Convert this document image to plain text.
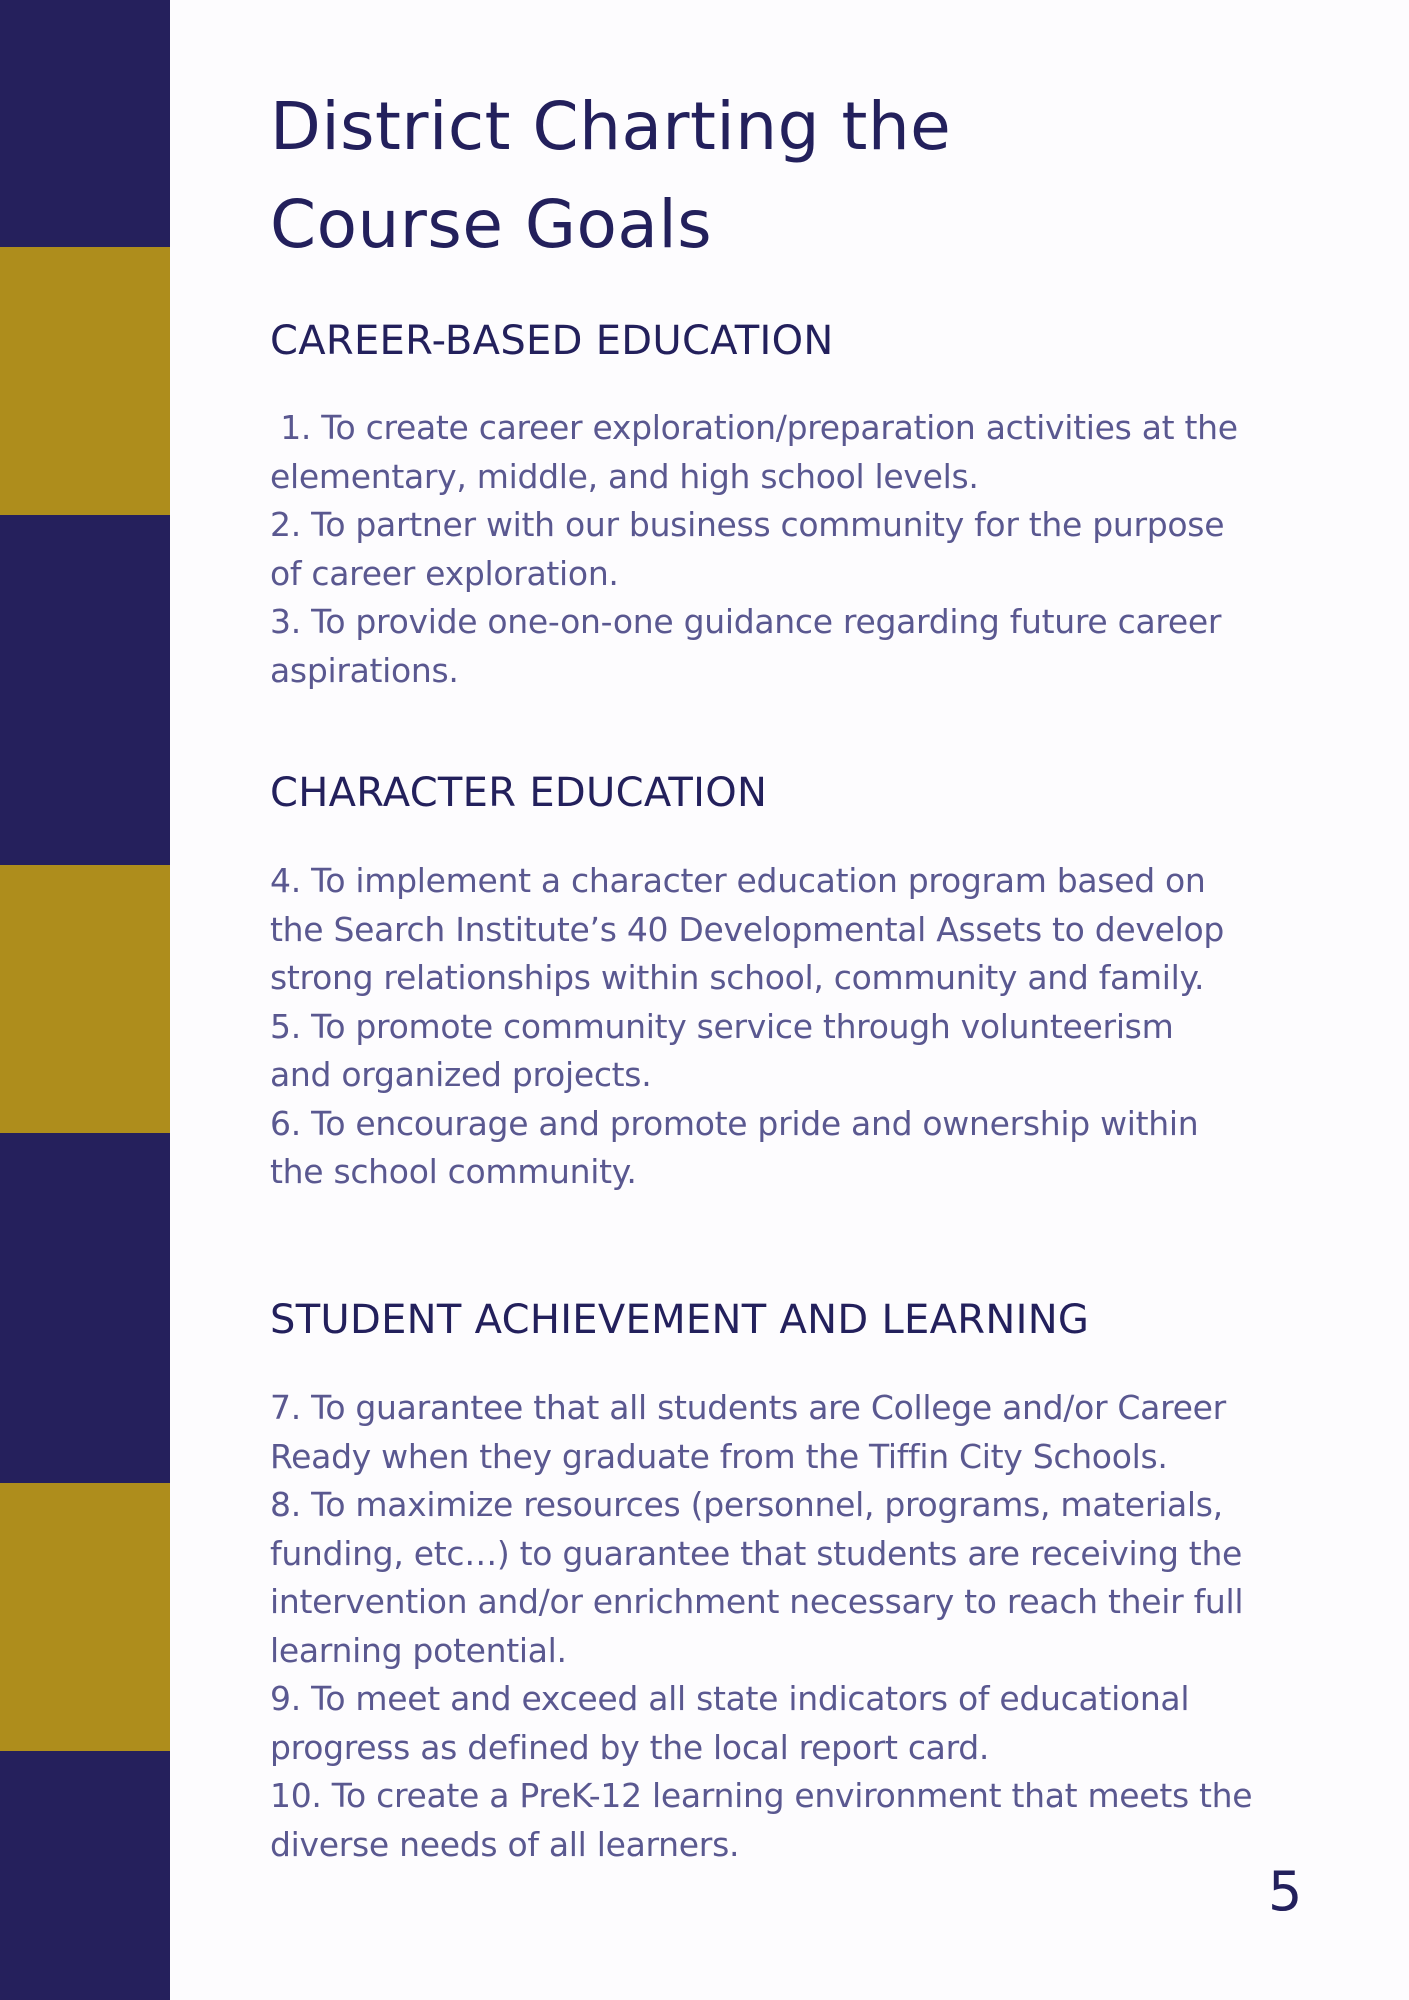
District Charting the
Course Goals
CAREER-BASED EDUCATION

1. To create career exploration/preparation activities at the

elementary, middle, and high school levels.

2. To partner with our business community for the purpose

of career exploration.

3. To provide one-on-one guidance regarding future career

aspirations.

CHARACTER EDUCATION

4. To implement a character education program based on

the Search Institute’s 40 Developmental Assets to develop

strong relationships within school, community and family.

5. To promote community service through volunteerism

and organized projects.

6. To encourage and promote pride and ownership within

the school community.

STUDENT ACHIEVEMENT AND LEARNING

7. To guarantee that all students are College and/or Career

Ready when they graduate from the Tiffin City Schools.

8. To maximize resources (personnel, programs, materials,

funding, etc…) to guarantee that students are receiving the

intervention and/or enrichment necessary to reach their full

learning potential.

9. To meet and exceed all state indicators of educational

progress as defined by the local report card.

10. To create a PreK-12 learning environment that meets the

diverse needs of all learners.

5
